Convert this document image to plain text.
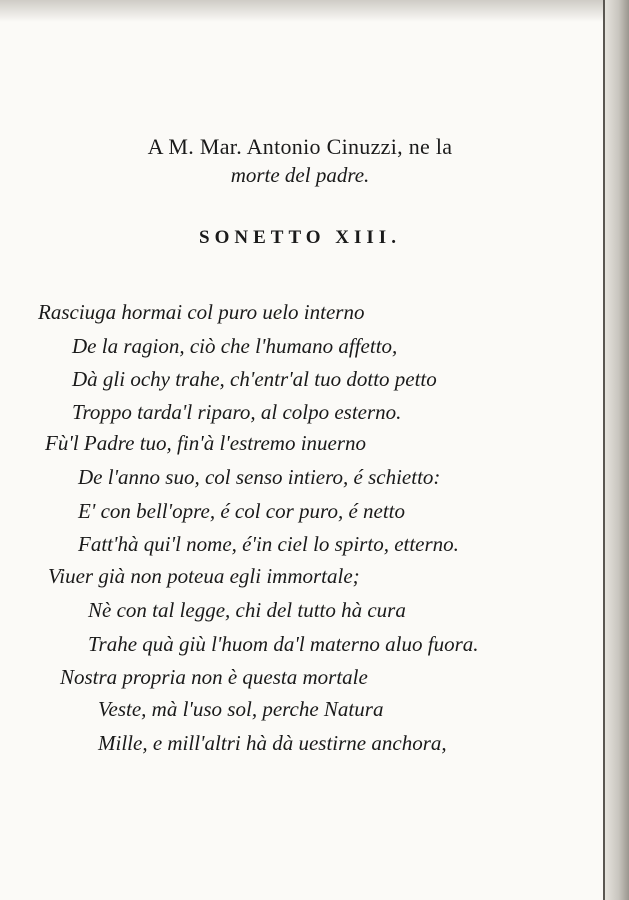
A M. Mar. Antonio Cinuzzi, ne la
morte del padre.
SONETTO XIII.
Rasciuga hormai col puro uelo interno
De la ragion, ciò che l'humano affetto,
Dà gli ochy trahe, ch'entr'al tuo dotto petto
Troppo tarda'l riparo, al colpo esterno.
Fù'l Padre tuo, fin'à l'estremo inuerno
De l'anno suo, col senso intiero, é schietto:
E' con bell'opre, é col cor puro, é netto
Fatt'hà qui'l nome, é'in ciel lo spirto, etterno.
Viuer già non poteua egli immortale;
Nè con tal legge, chi del tutto hà cura
Trahe quà giù l'huom da'l materno aluo fuora.
Nostra propria non è questa mortale
Veste, mà l'uso sol, perche Natura
Mille, e mill'altri hà dà uestirne anchora,
